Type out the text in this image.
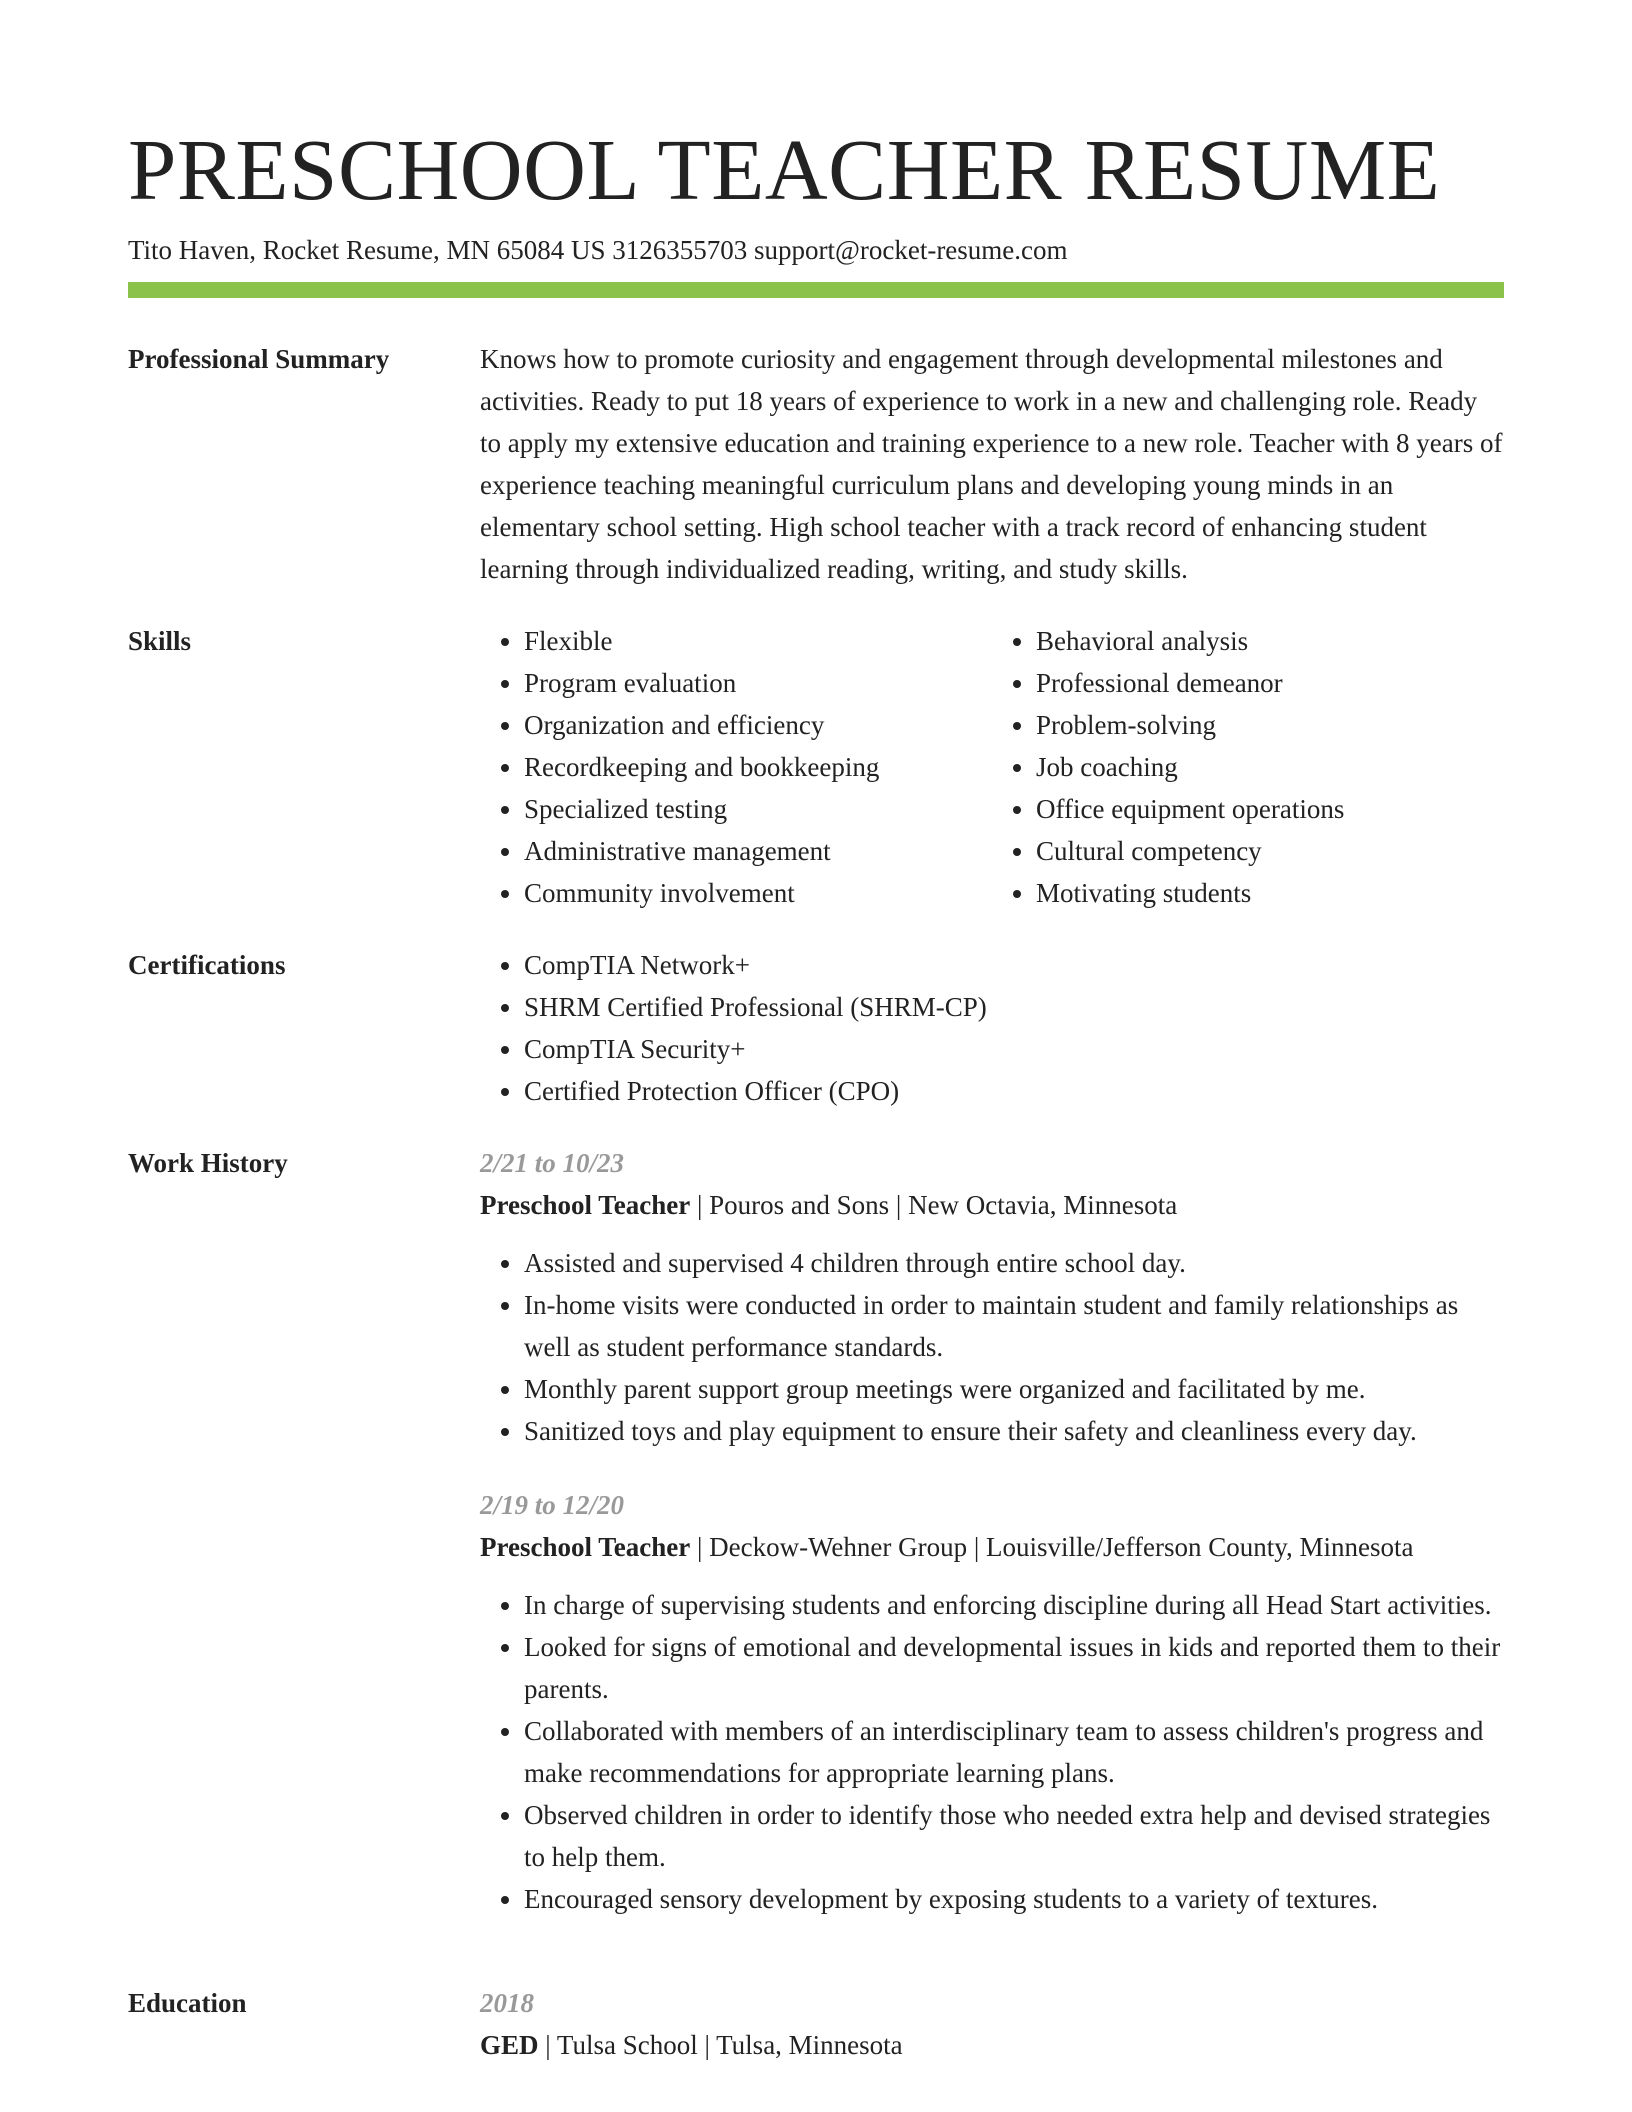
PRESCHOOL TEACHER RESUME
Tito Haven, Rocket Resume, MN 65084 US 3126355703 support@rocket-resume.com
Professional Summary	Knows how to promote curiosity and engagement through developmental milestones and activities. Ready to put 18 years of experience to work in a new and challenging role. Ready to apply my extensive education and training experience to a new role. Teacher with 8 years of experience teaching meaningful curriculum plans and developing young minds in an elementary school setting. High school teacher with a track record of enhancing student learning through individualized reading, writing, and study skills.

Skills	• Flexible
• Program evaluation
• Organization and efficiency
• Recordkeeping and bookkeeping
• Specialized testing
• Administrative management
• Community involvement
• Behavioral analysis
• Professional demeanor
• Problem-solving
• Job coaching
• Office equipment operations
• Cultural competency
• Motivating students
Certifications	• CompTIA Network+
• SHRM Certified Professional (SHRM-CP)
• CompTIA Security+
• Certified Protection Officer (CPO)
Work History	2/21 to 10/23
Preschool Teacher | Pouros and Sons | New Octavia, Minnesota
• Assisted and supervised 4 children through entire school day.
• In-home visits were conducted in order to maintain student and family relationships as well as student performance standards.
• Monthly parent support group meetings were organized and facilitated by me.
• Sanitized toys and play equipment to ensure their safety and cleanliness every day.
2/19 to 12/20
Preschool Teacher | Deckow-Wehner Group | Louisville/Jefferson County, Minnesota
• In charge of supervising students and enforcing discipline during all Head Start activities.
• Looked for signs of emotional and developmental issues in kids and reported them to their parents.
• Collaborated with members of an interdisciplinary team to assess children's progress and make recommendations for appropriate learning plans.
• Observed children in order to identify those who needed extra help and devised strategies to help them.
• Encouraged sensory development by exposing students to a variety of textures.
Education	2018
GED | Tulsa School | Tulsa, Minnesota
